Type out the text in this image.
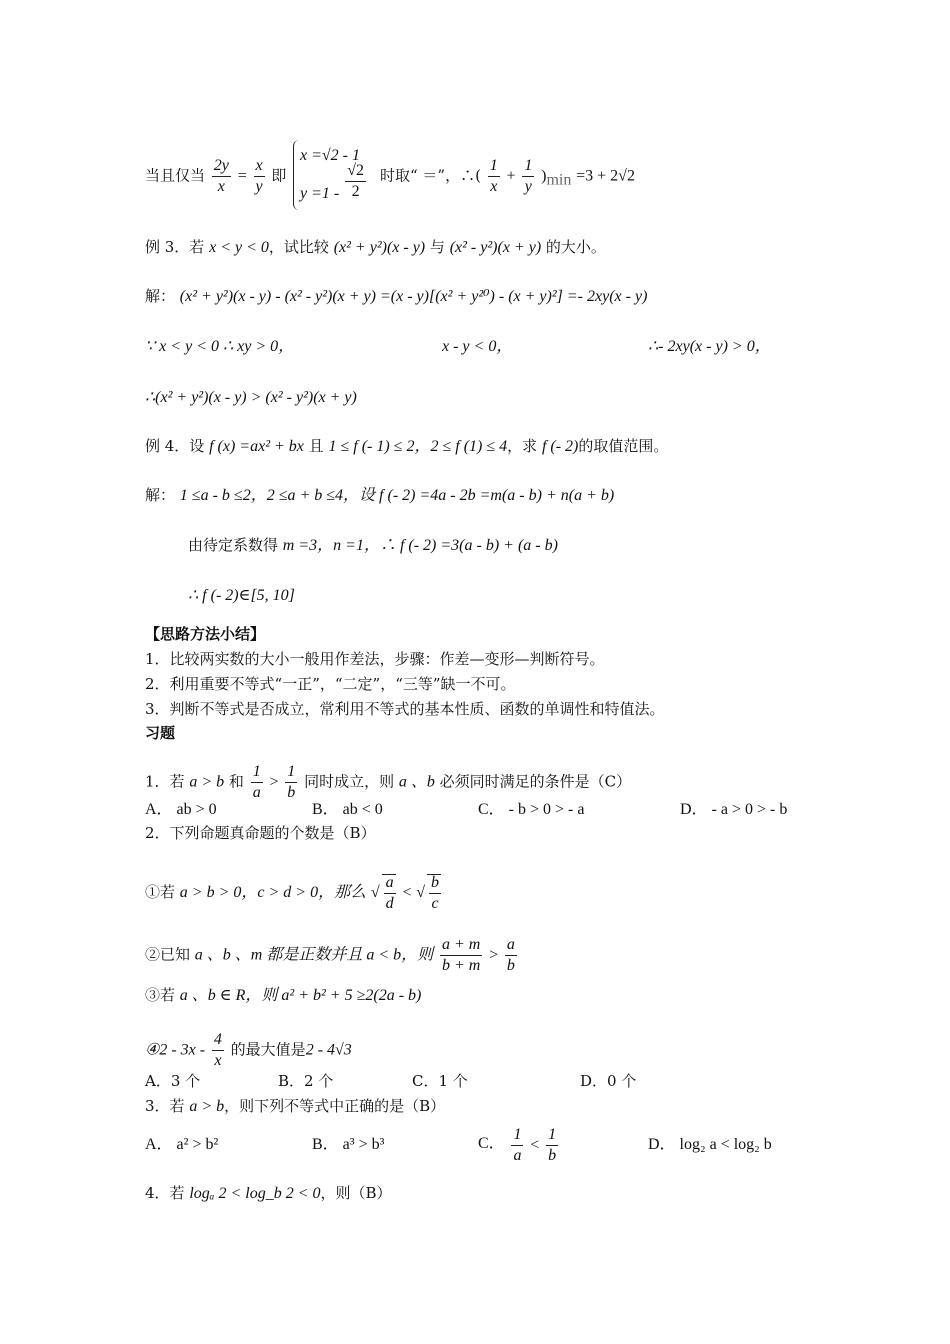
当且仅当 $\frac{2y}{x} = \frac{x}{y}$ 即
x =√2 - 1
$y =1 - \frac{√2}{2}$ 时取“ ＝”，∴( $\frac{1}{x} + \frac{1}{y} )_{min} =3 + 2√2$
例 3．若 x < y < 0，试比较 (x² + y²)(x - y) 与 (x² - y²)(x + y) 的大小。
解： (x² + y²)(x - y) - (x² - y²)(x + y) =(x - y)[(x² + y²⁰) - (x + y)²] =- 2xy(x - y)
∵ x < y < 0 ∴ xy > 0，	x - y < 0，	∴- 2xy(x - y) > 0，
∴(x² + y²)(x - y) > (x² - y²)(x + y)
例 4．设 f (x) =ax² + bx 且 1 ≤ f (- 1) ≤ 2，2 ≤ f (1) ≤ 4，求 f (- 2)的取值范围。
解： 1 ≤a - b ≤2，2 ≤a + b ≤4，设 f (- 2) =4a - 2b =m(a - b) + n(a + b)
由待定系数得 m =3，n =1，∴ f (- 2) =3(a - b) + (a - b)
∴ f (- 2)∈[5, 10]
【思路方法小结】
1．比较两实数的大小一般用作差法，步骤：作差—变形—判断符号。
2．利用重要不等式“一正”，“二定”，“三等”缺一不可。
3．判断不等式是否成立，常利用不等式的基本性质、函数的单调性和特值法。
习题
1．若 a > b 和 $\frac{1}{a} > \frac{1}{b}$ 同时成立，则 a 、b 必须同时满足的条件是（C）
A． ab > 0	B． ab < 0	C． - b > 0 > - a	D． - a > 0 > - b
2．下列命题真命题的个数是（B）
①若 a > b > 0，c > d > 0，那么 √ $\frac{a}{d}$ < √ $\frac{b}{c}$
②已知 a 、b 、m 都是正数并且 a < b，则 $\frac{a + m}{b + m} > \frac{a}{b}$
③若 a 、b ∈ R，则 a² + b² + 5 ≥2(2a - b)
④2 - $3x - \frac{4}{x}$ 的最大值是2 - 4√3
A．3 个	B．2 个	C．1 个	D．0 个
3．若 a > b，则下列不等式中正确的是（B）
A． a² > b²	B． a³ > b³	C． $\frac{1}{a} < \frac{1}{b}$	D． log₂ a < log₂ b
4．若 logₐ 2 < log_b 2 < 0，则（B）
